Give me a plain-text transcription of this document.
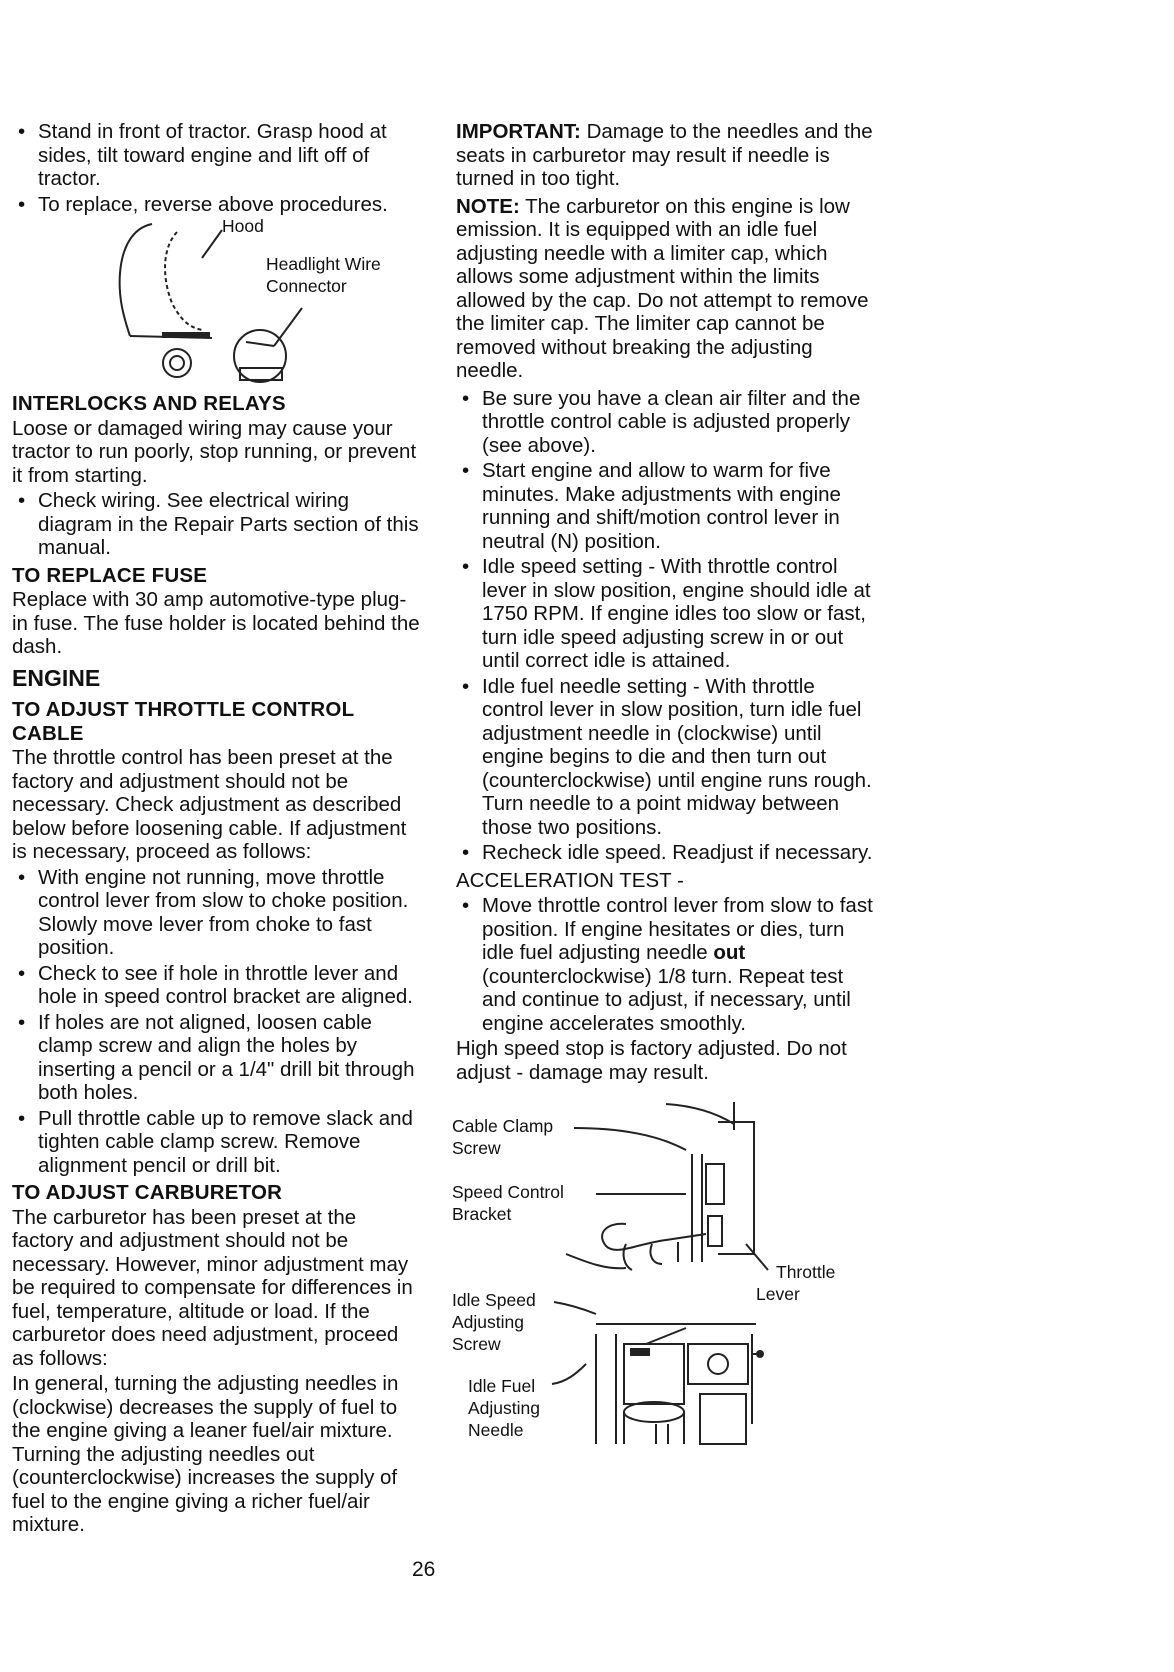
• Stand in front of tractor. Grasp hood at sides, tilt toward engine and lift off of tractor.
• To replace, reverse above procedures.
Hood
Headlight Wire
Connector
INTERLOCKS AND RELAYS

Loose or damaged wiring may cause your tractor to run poorly, stop running, or prevent it from starting.

• Check wiring. See electrical wiring diagram in the Repair Parts section of this manual.
TO REPLACE FUSE

Replace with 30 amp automotive-type plug-in fuse. The fuse holder is located behind the dash.

ENGINE
TO ADJUST THROTTLE CONTROL CABLE

The throttle control has been preset at the factory and adjustment should not be necessary. Check adjustment as described below before loosening cable. If adjustment is necessary, proceed as follows:

• With engine not running, move throttle control lever from slow to choke position. Slowly move lever from choke to fast position.
• Check to see if hole in throttle lever and hole in speed control bracket are aligned.
• If holes are not aligned, loosen cable clamp screw and align the holes by inserting a pencil or a 1/4" drill bit through both holes.
• Pull throttle cable up to remove slack and tighten cable clamp screw. Remove alignment pencil or drill bit.
TO ADJUST CARBURETOR

The carburetor has been preset at the factory and adjustment should not be necessary. However, minor adjustment may be required to compensate for differences in fuel, temperature, altitude or load. If the carburetor does need adjustment, proceed as follows:

In general, turning the adjusting needles in (clockwise) decreases the supply of fuel to the engine giving a leaner fuel/air mixture. Turning the adjusting needles out (counterclockwise) increases the supply of fuel to the engine giving a richer fuel/air mixture.

IMPORTANT: Damage to the needles and the seats in carburetor may result if needle is turned in too tight.

NOTE: The carburetor on this engine is low emission. It is equipped with an idle fuel adjusting needle with a limiter cap, which allows some adjustment within the limits allowed by the cap. Do not attempt to remove the limiter cap. The limiter cap cannot be removed without breaking the adjusting needle.

• Be sure you have a clean air filter and the throttle control cable is adjusted properly (see above).
• Start engine and allow to warm for five minutes. Make adjustments with engine running and shift/motion control lever in neutral (N) position.
• Idle speed setting - With throttle control lever in slow position, engine should idle at 1750 RPM. If engine idles too slow or fast, turn idle speed adjusting screw in or out until correct idle is attained.
• Idle fuel needle setting - With throttle control lever in slow position, turn idle fuel adjustment needle in (clockwise) until engine begins to die and then turn out (counterclockwise) until engine runs rough. Turn needle to a point midway between those two positions.
• Recheck idle speed. Readjust if necessary.

ACCELERATION TEST -

• Move throttle control lever from slow to fast position. If engine hesitates or dies, turn idle fuel adjusting needle out (counterclockwise) 1/8 turn. Repeat test and continue to adjust, if necessary, until engine accelerates smoothly.

High speed stop is factory adjusted. Do not adjust - damage may result.

Cable Clamp
Screw
Speed Control
Bracket
Throttle
Lever
Idle Speed
Adjusting
Screw
Idle Fuel
Adjusting
Needle
26
